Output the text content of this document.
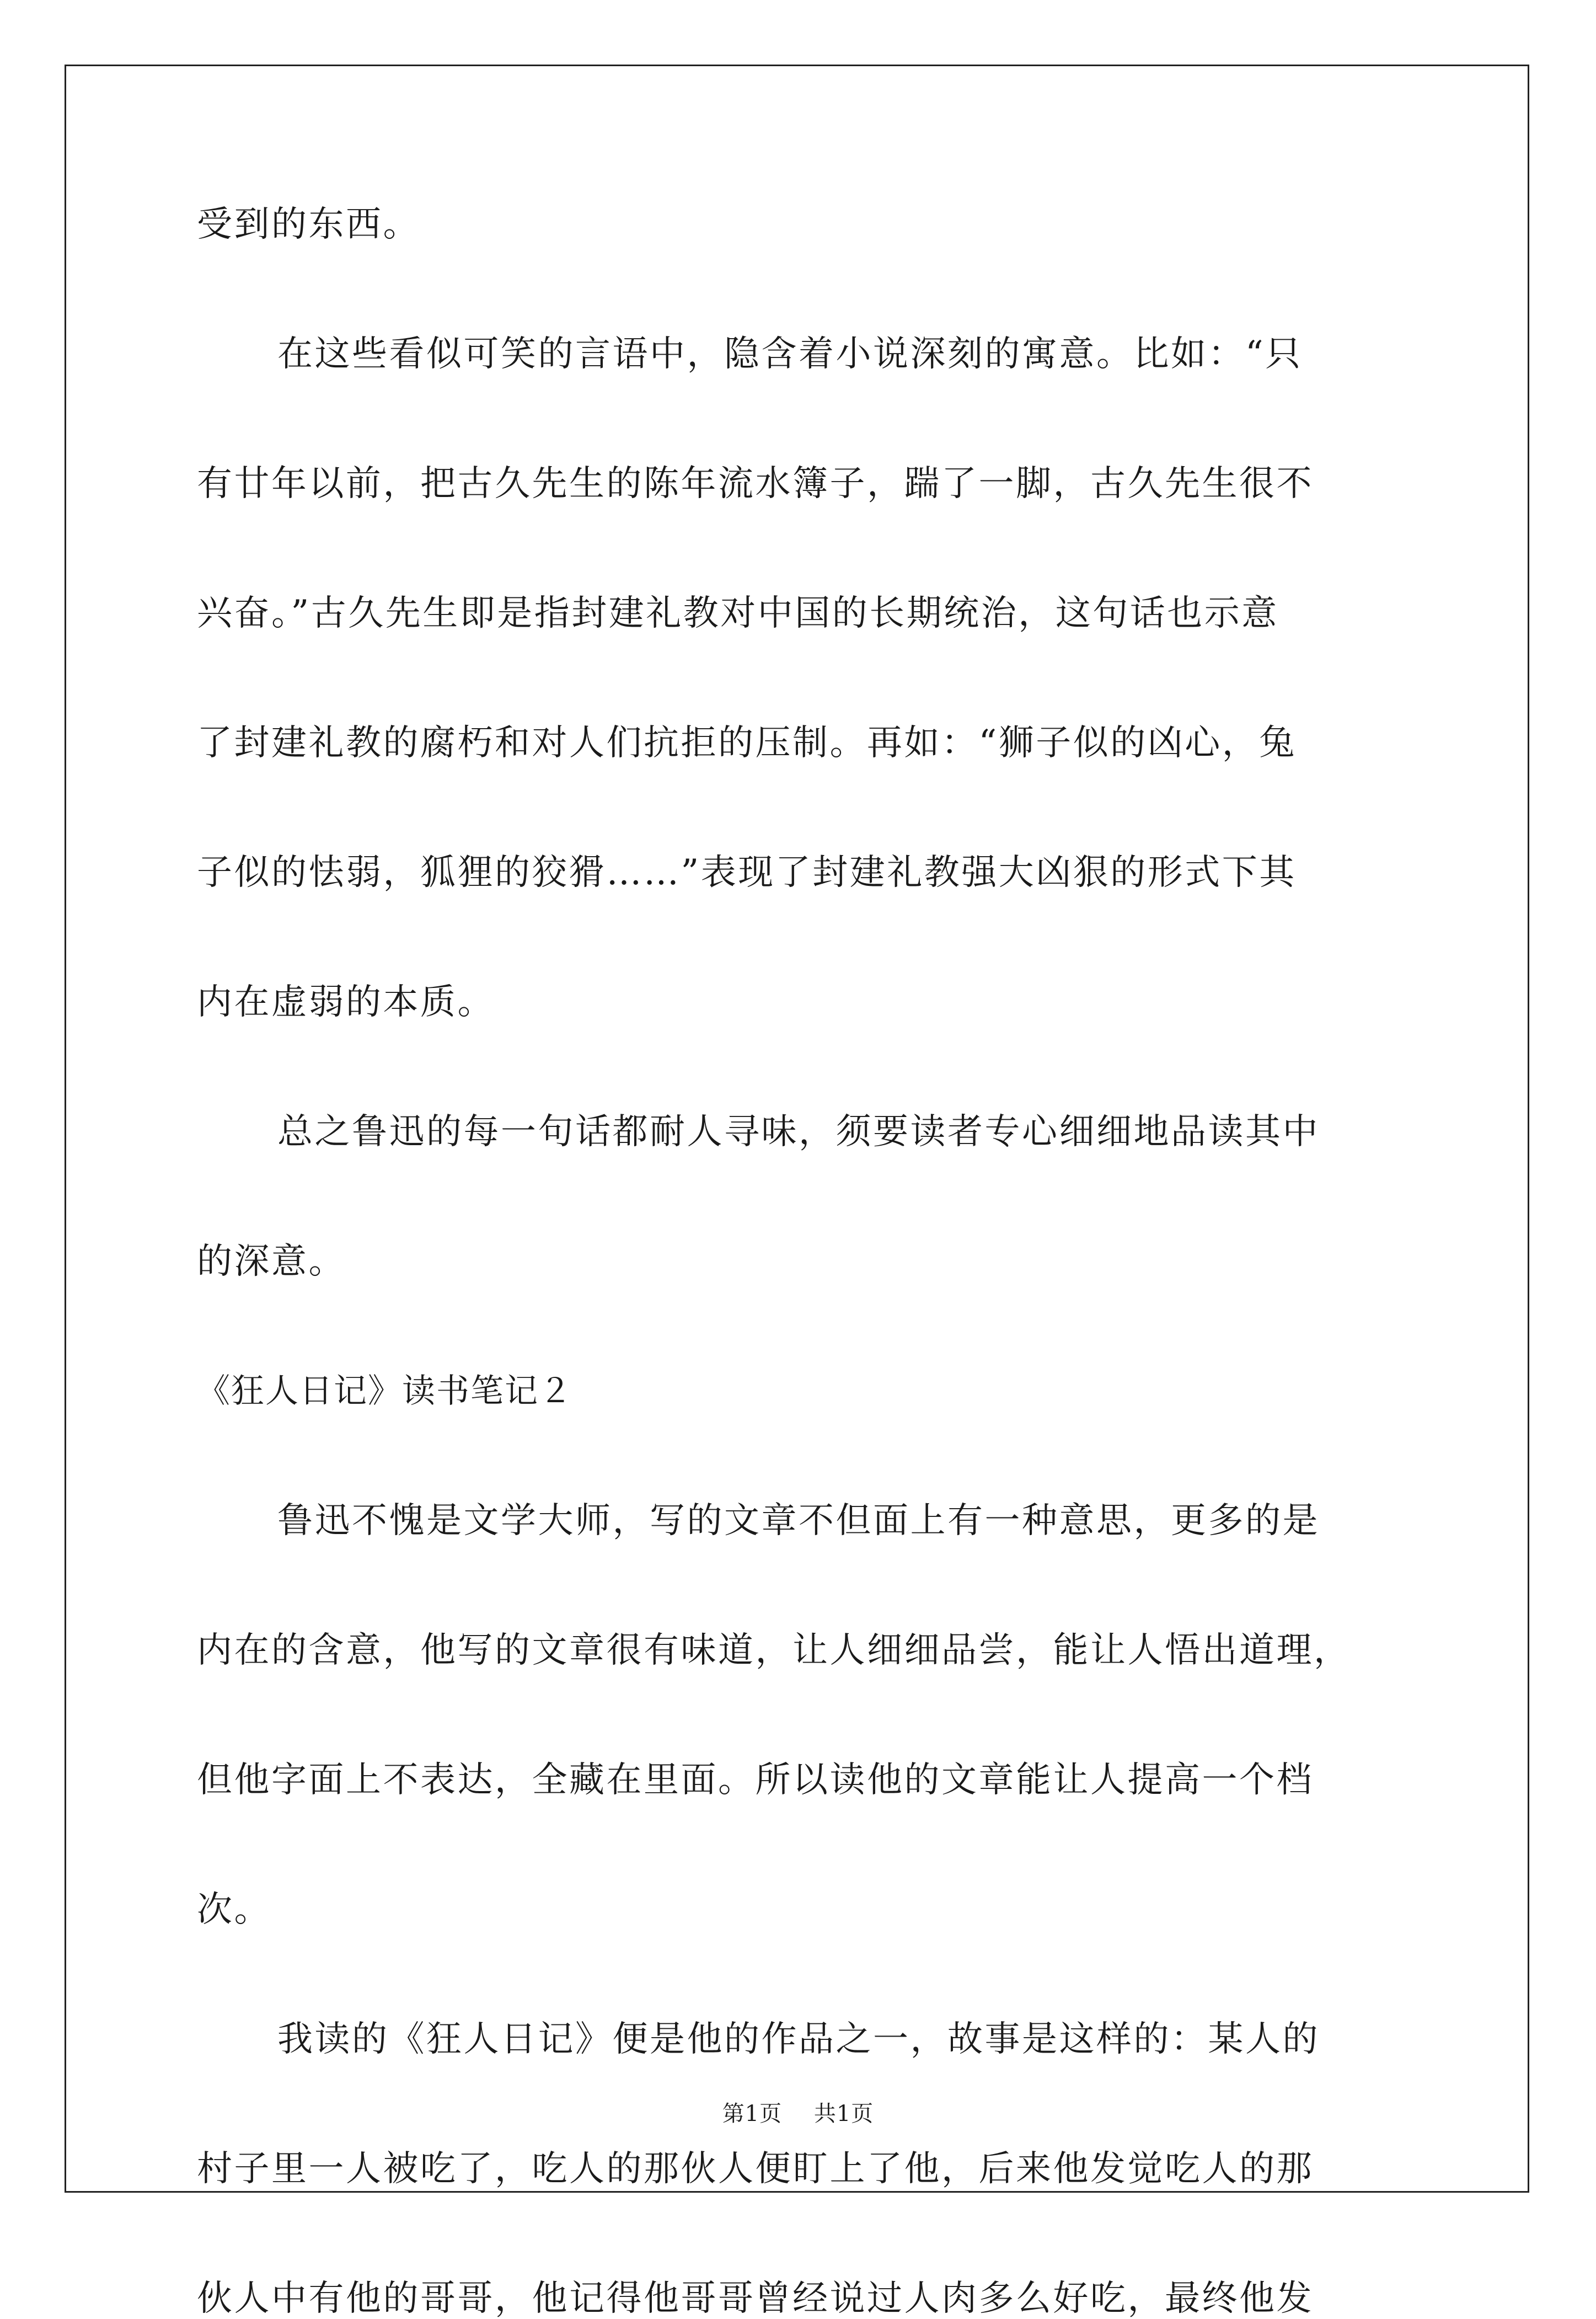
受到的东西。
在这些看似可笑的言语中，隐含着小说深刻的寓意。比如：“只
有廿年以前，把古久先生的陈年流水簿子，踹了一脚，古久先生很不
兴奋。”古久先生即是指封建礼教对中国的长期统治，这句话也示意
了封建礼教的腐朽和对人们抗拒的压制。再如：“狮子似的凶心，兔
子似的怯弱，狐狸的狡猾……”表现了封建礼教强大凶狠的形式下其
内在虚弱的本质。
总之鲁迅的每一句话都耐人寻味，须要读者专心细细地品读其中
的深意。
《狂人日记》读书笔记２
鲁迅不愧是文学大师，写的文章不但面上有一种意思，更多的是
内在的含意，他写的文章很有味道，让人细细品尝，能让人悟出道理，
但他字面上不表达，全藏在里面。所以读他的文章能让人提高一个档
次。
我读的《狂人日记》便是他的作品之一，故事是这样的：某人的
村子里一人被吃了，吃人的那伙人便盯上了他，后来他发觉吃人的那
伙人中有他的哥哥，他记得他哥哥曾经说过人肉多么好吃，最终他发
第1页 共1页
